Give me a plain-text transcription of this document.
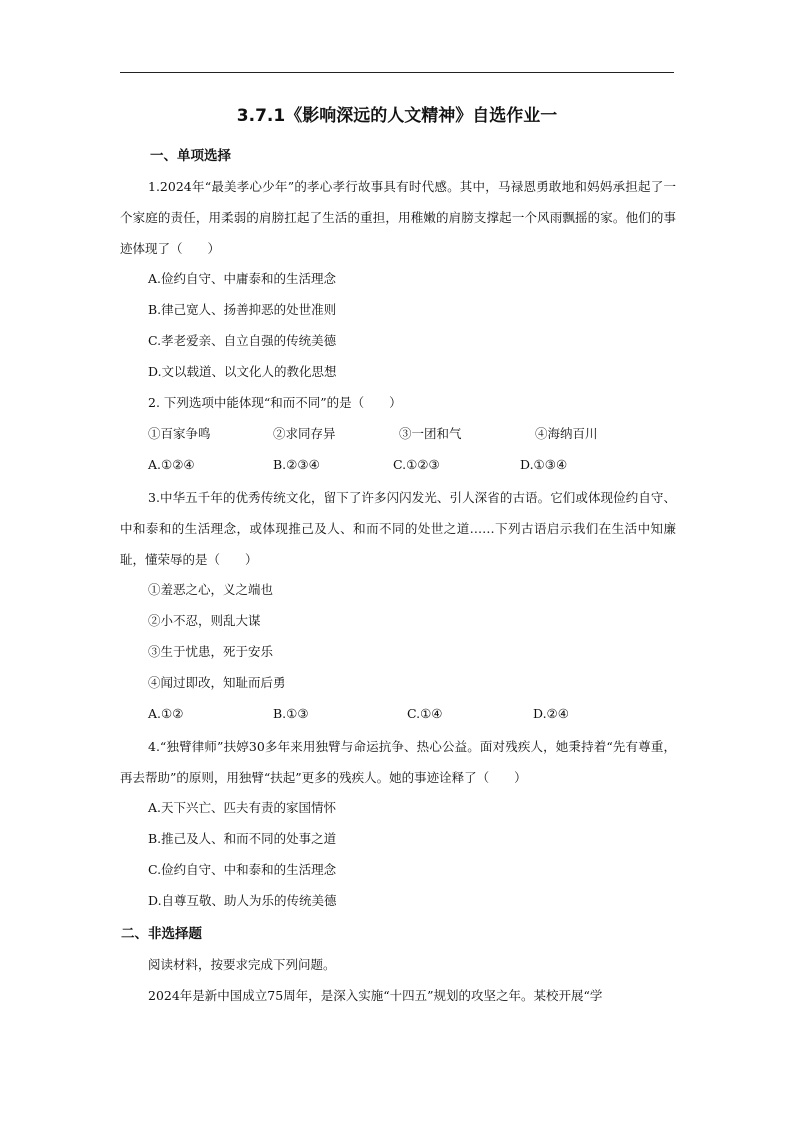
3.7.1《影响深远的人文精神》自选作业一
一、单项选择
1.2024年“最美孝心少年”的孝心孝行故事具有时代感。其中，马禄恩勇敢地和妈妈承担起了一个家庭的责任，用柔弱的肩膀扛起了生活的重担，用稚嫩的肩膀支撑起一个风雨飘摇的家。他们的事迹体现了（　　）
A.俭约自守、中庸泰和的生活理念
B.律己宽人、扬善抑恶的处世准则
C.孝老爱亲、自立自强的传统美德
D.文以载道、以文化人的教化思想
2. 下列选项中能体现“和而不同”的是（　　）
①百家争鸣	②求同存异	③一团和气	④海纳百川
A.①②④	B.②③④	C.①②③	D.①③④
3.中华五千年的优秀传统文化，留下了许多闪闪发光、引人深省的古语。它们或体现俭约自守、中和泰和的生活理念，或体现推己及人、和而不同的处世之道……下列古语启示我们在生活中知廉耻，懂荣辱的是（　　）
①羞恶之心，义之端也
②小不忍，则乱大谋
③生于忧患，死于安乐
④闻过即改，知耻而后勇
A.①②	B.①③	C.①④	D.②④
4.“独臂律师”扶婷30多年来用独臂与命运抗争、热心公益。面对残疾人，她秉持着“先有尊重，再去帮助”的原则，用独臂“扶起”更多的残疾人。她的事迹诠释了（　　）
A.天下兴亡、匹夫有责的家国情怀
B.推己及人、和而不同的处事之道
C.俭约自守、中和泰和的生活理念
D.自尊互敬、助人为乐的传统美德
二、非选择题
阅读材料，按要求完成下列问题。
2024年是新中国成立75周年，是深入实施“十四五”规划的攻坚之年。某校开展“学
